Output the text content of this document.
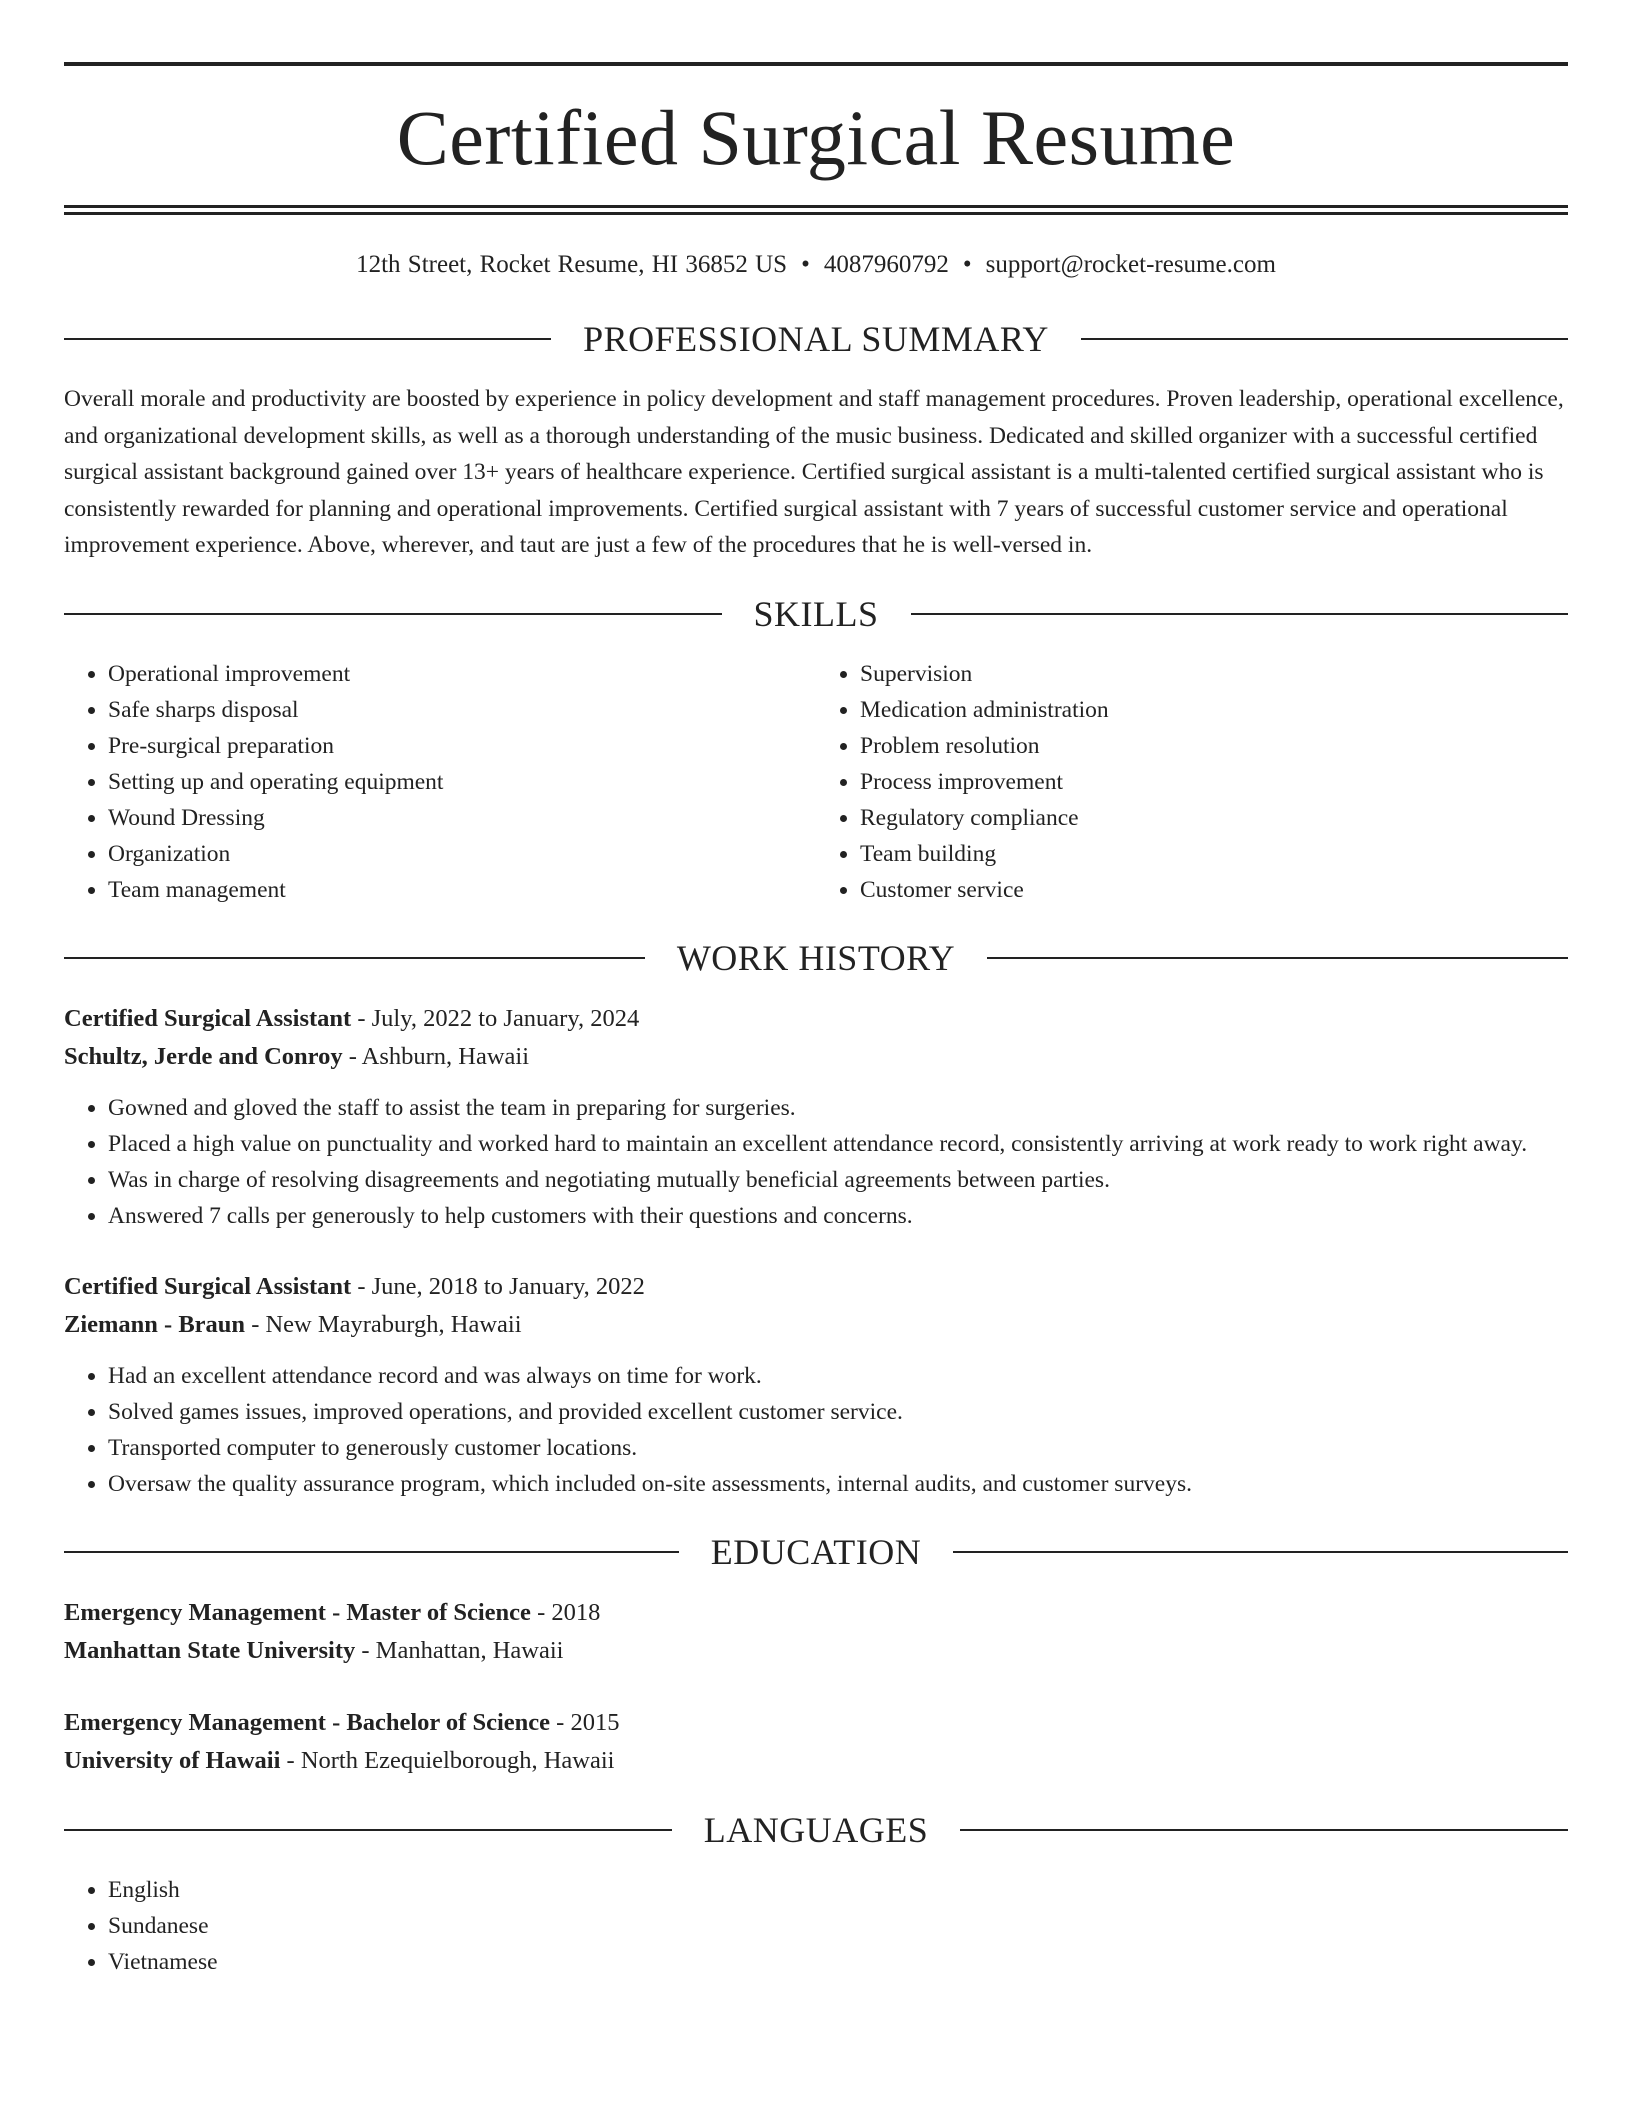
Certified Surgical Resume
12th Street, Rocket Resume, HI 36852 US • 4087960792 • support@rocket-resume.com
PROFESSIONAL SUMMARY

Overall morale and productivity are boosted by experience in policy development and staff management procedures. Proven leadership, operational excellence, and organizational development skills, as well as a thorough understanding of the music business. Dedicated and skilled organizer with a successful certified surgical assistant background gained over 13+ years of healthcare experience. Certified surgical assistant is a multi-talented certified surgical assistant who is consistently rewarded for planning and operational improvements. Certified surgical assistant with 7 years of successful customer service and operational improvement experience. Above, wherever, and taut are just a few of the procedures that he is well-versed in.

SKILLS
• Operational improvement
• Safe sharps disposal
• Pre-surgical preparation
• Setting up and operating equipment
• Wound Dressing
• Organization
• Team management
• Supervision
• Medication administration
• Problem resolution
• Process improvement
• Regulatory compliance
• Team building
• Customer service
WORK HISTORY
Certified Surgical Assistant - July, 2022 to January, 2024
Schultz, Jerde and Conroy - Ashburn, Hawaii
• Gowned and gloved the staff to assist the team in preparing for surgeries.
• Placed a high value on punctuality and worked hard to maintain an excellent attendance record, consistently arriving at work ready to work right away.
• Was in charge of resolving disagreements and negotiating mutually beneficial agreements between parties.
• Answered 7 calls per generously to help customers with their questions and concerns.
Certified Surgical Assistant - June, 2018 to January, 2022
Ziemann - Braun - New Mayraburgh, Hawaii
• Had an excellent attendance record and was always on time for work.
• Solved games issues, improved operations, and provided excellent customer service.
• Transported computer to generously customer locations.
• Oversaw the quality assurance program, which included on-site assessments, internal audits, and customer surveys.
EDUCATION
Emergency Management - Master of Science - 2018
Manhattan State University - Manhattan, Hawaii
Emergency Management - Bachelor of Science - 2015
University of Hawaii - North Ezequielborough, Hawaii
LANGUAGES
• English
• Sundanese
• Vietnamese
